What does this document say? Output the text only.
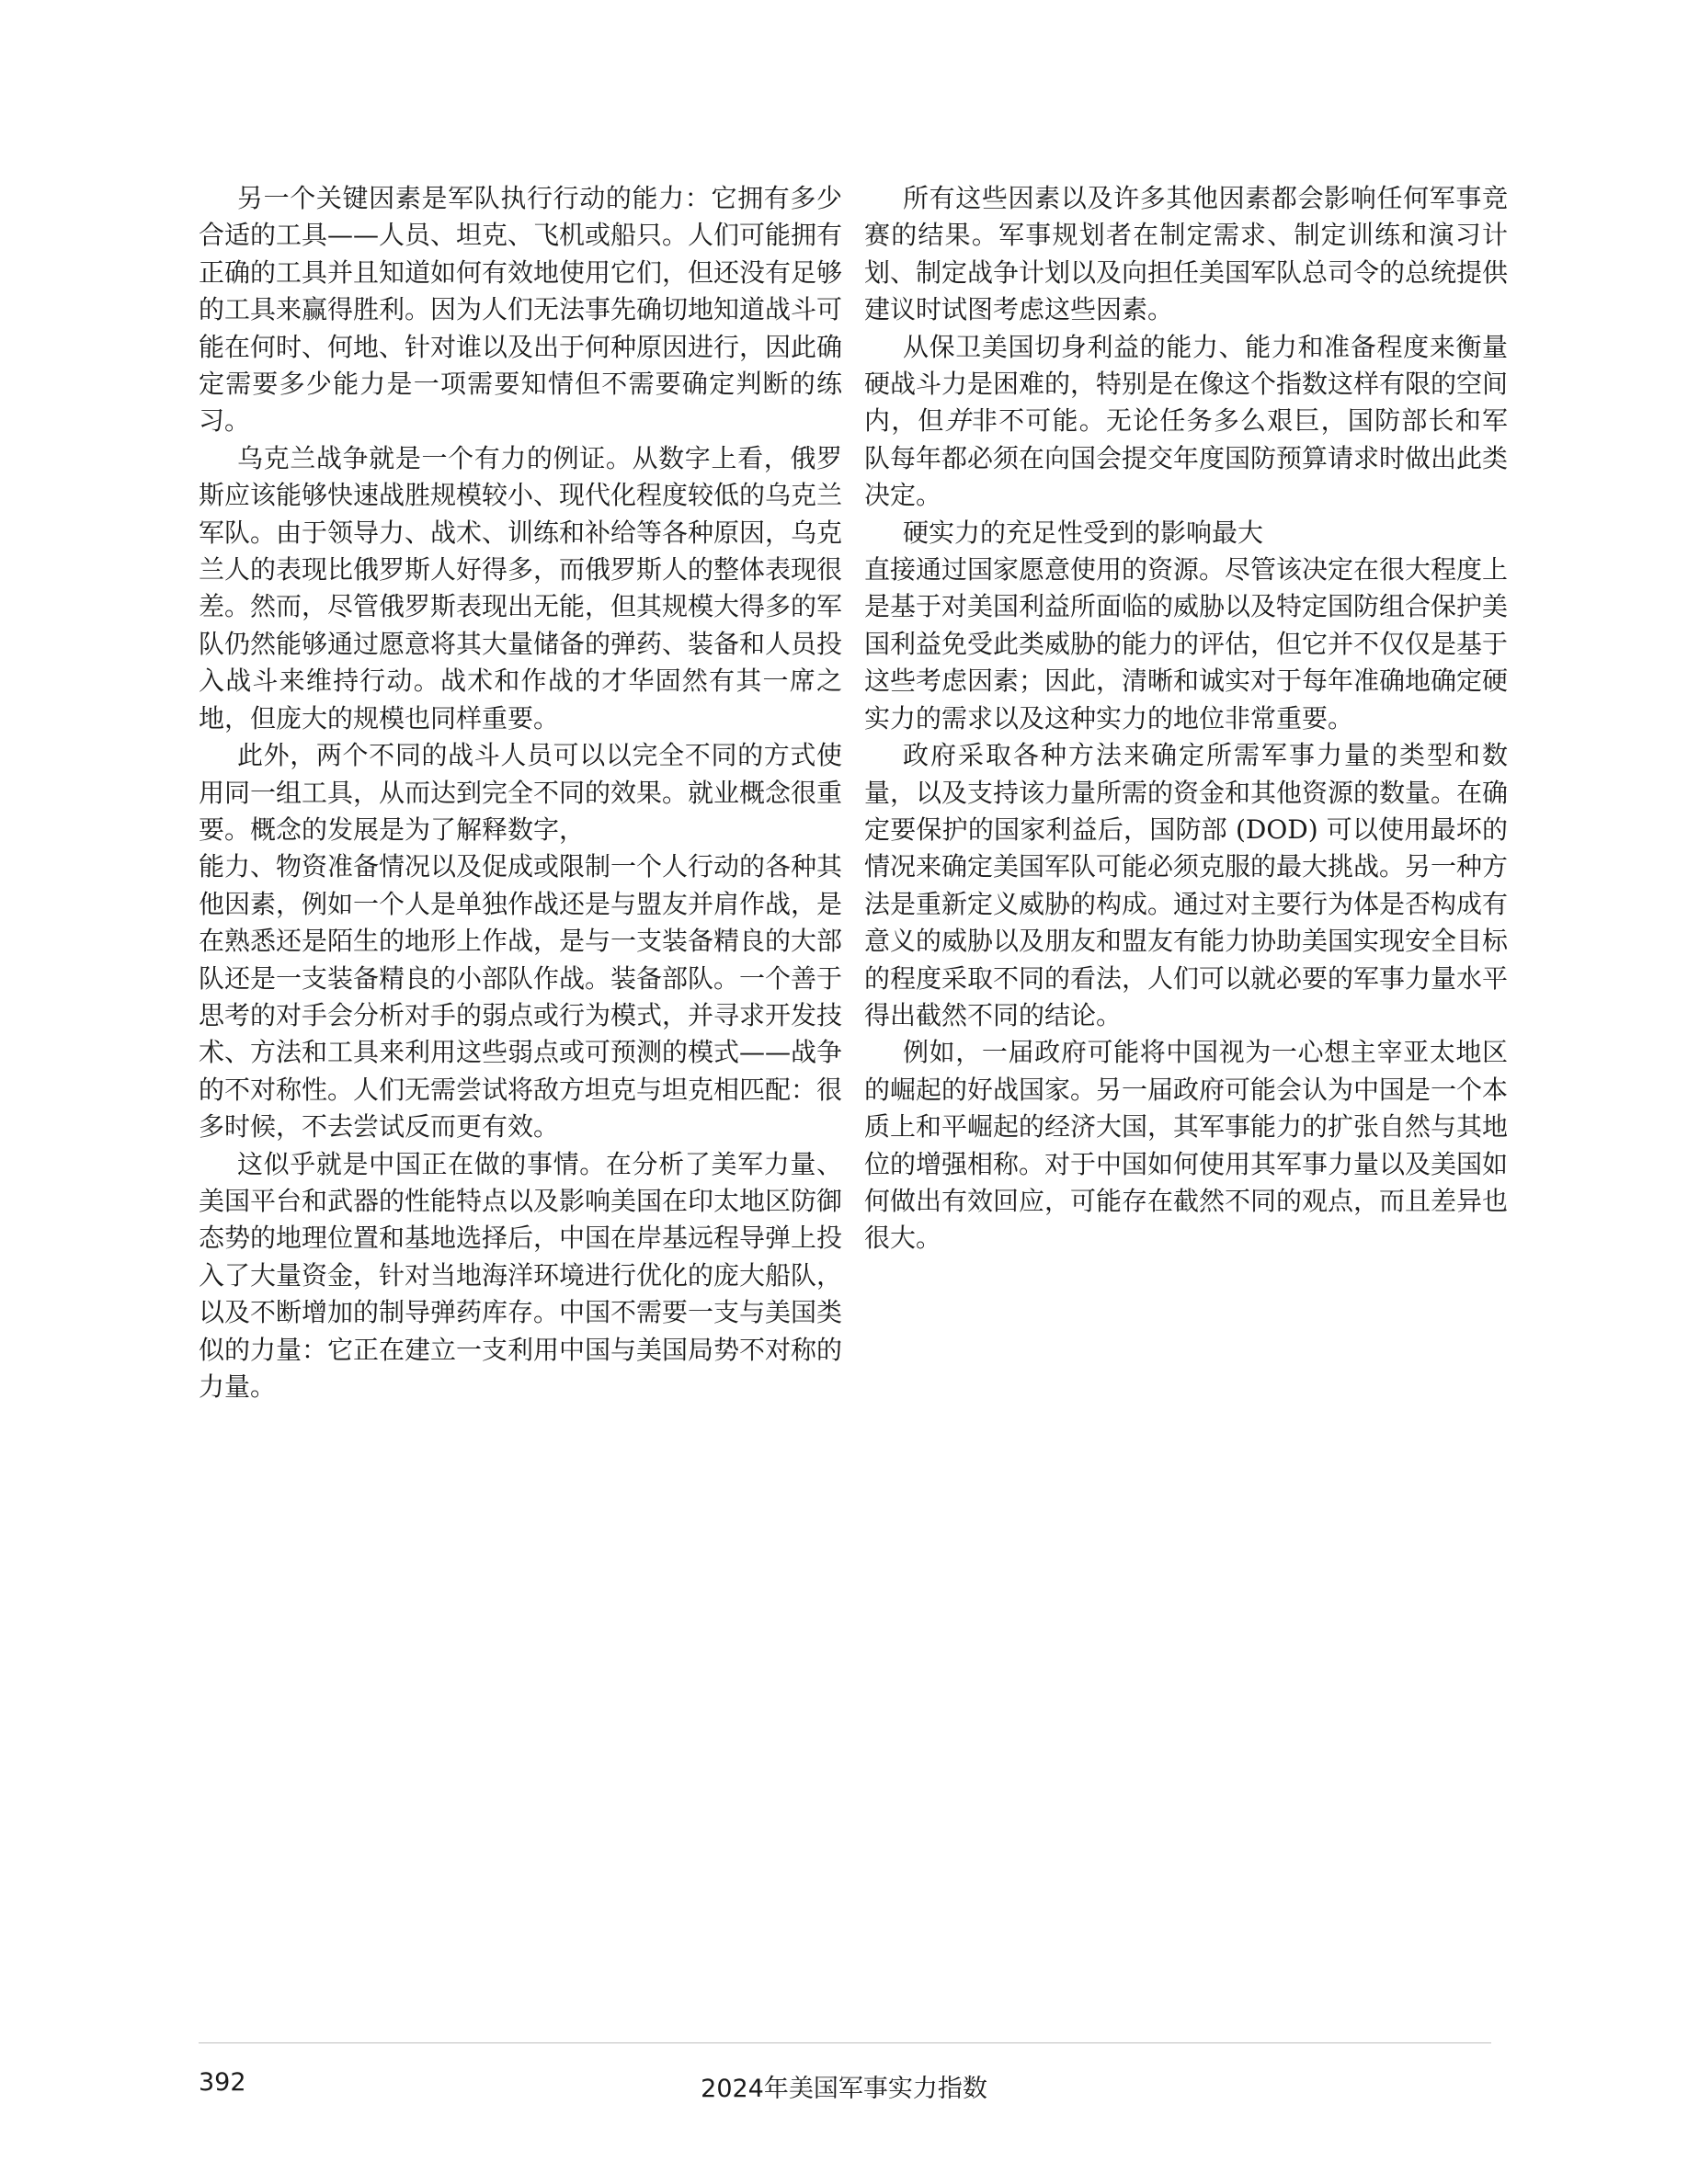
另一个关键因素是军队执行行动的能力：它拥有多少合适的工具——人员、坦克、飞机或船只。人们可能拥有正确的工具并且知道如何有效地使用它们，但还没有足够的工具来赢得胜利。因为人们无法事先确切地知道战斗可能在何时、何地、针对谁以及出于何种原因进行，因此确定需要多少能力是一项需要知情但不需要确定判断的练习。

乌克兰战争就是一个有力的例证。从数字上看，俄罗斯应该能够快速战胜规模较小、现代化程度较低的乌克兰军队。由于领导力、战术、训练和补给等各种原因，乌克兰人的表现比俄罗斯人好得多，而俄罗斯人的整体表现很差。然而，尽管俄罗斯表现出无能，但其规模大得多的军队仍然能够通过愿意将其大量储备的弹药、装备和人员投入战斗来维持行动。战术和作战的才华固然有其一席之地，但庞大的规模也同样重要。

此外，两个不同的战斗人员可以以完全不同的方式使用同一组工具，从而达到完全不同的效果。就业概念很重要。概念的发展是为了解释数字，

能力、物资准备情况以及促成或限制一个人行动的各种其他因素，例如一个人是单独作战还是与盟友并肩作战，是在熟悉还是陌生的地形上作战，是与一支装备精良的大部队还是一支装备精良的小部队作战。装备部队。一个善于思考的对手会分析对手的弱点或行为模式，并寻求开发技术、方法和工具来利用这些弱点或可预测的模式——战争的不对称性。人们无需尝试将敌方坦克与坦克相匹配：很多时候，不去尝试反而更有效。

这似乎就是中国正在做的事情。在分析了美军力量、美国平台和武器的性能特点以及影响美国在印太地区防御态势的地理位置和基地选择后，中国在岸基远程导弹上投入了大量资金，针对当地海洋环境进行优化的庞大船队，以及不断增加的制导弹药库存。中国不需要一支与美国类似的力量：它正在建立一支利用中国与美国局势不对称的力量。

所有这些因素以及许多其他因素都会影响任何军事竞赛的结果。军事规划者在制定需求、制定训练和演习计划、制定战争计划以及向担任美国军队总司令的总统提供建议时试图考虑这些因素。

从保卫美国切身利益的能力、能力和准备程度来衡量硬战斗力是困难的，特别是在像这个指数这样有限的空间内，但并非不可能。无论任务多么艰巨，国防部长和军队每年都必须在向国会提交年度国防预算请求时做出此类决定。

硬实力的充足性受到的影响最大

直接通过国家愿意使用的资源。尽管该决定在很大程度上是基于对美国利益所面临的威胁以及特定国防组合保护美国利益免受此类威胁的能力的评估，但它并不仅仅是基于这些考虑因素；因此，清晰和诚实对于每年准确地确定硬实力的需求以及这种实力的地位非常重要。

政府采取各种方法来确定所需军事力量的类型和数量，以及支持该力量所需的资金和其他资源的数量。在确定要保护的国家利益后，国防部 (DOD) 可以使用最坏的情况来确定美国军队可能必须克服的最大挑战。另一种方法是重新定义威胁的构成。通过对主要行为体是否构成有意义的威胁以及朋友和盟友有能力协助美国实现安全目标的程度采取不同的看法，人们可以就必要的军事力量水平得出截然不同的结论。

例如，一届政府可能将中国视为一心想主宰亚太地区的崛起的好战国家。另一届政府可能会认为中国是一个本质上和平崛起的经济大国，其军事能力的扩张自然与其地位的增强相称。对于中国如何使用其军事力量以及美国如何做出有效回应，可能存在截然不同的观点，而且差异也很大。

392	2024年美国军事实力指数
